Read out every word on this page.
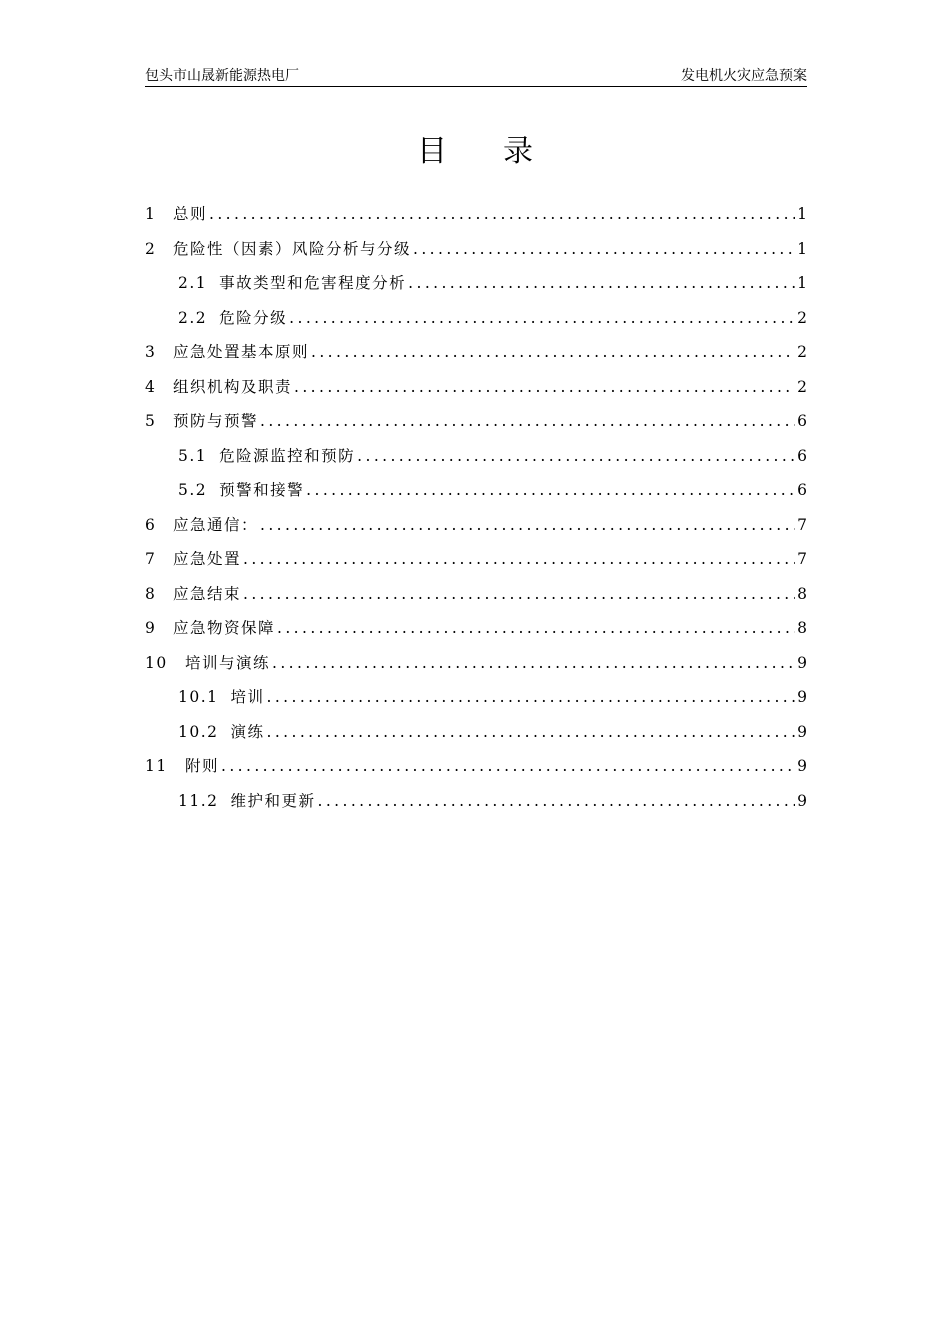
包头市山晟新能源热电厂	发电机火灾应急预案
目录
1 总则 .....	1
2 危险性（因素）风险分析与分级 .....	1
2.1 事故类型和危害程度分析 .....	1
2.2 危险分级 .....	2
3 应急处置基本原则 .....	2
4 组织机构及职责 .....	2
5 预防与预警 .....	6
5.1 危险源监控和预防 .....	6
5.2 预警和接警 .....	6
6 应急通信： .....	7
7 应急处置 .....	7
8 应急结束 .....	8
9 应急物资保障 .....	8
10	培训与演练 .....	9
10.1 培训 .....	9
10.2 演练 .....	9
11	附则 .....	9
11.2 维护和更新 .....	9
